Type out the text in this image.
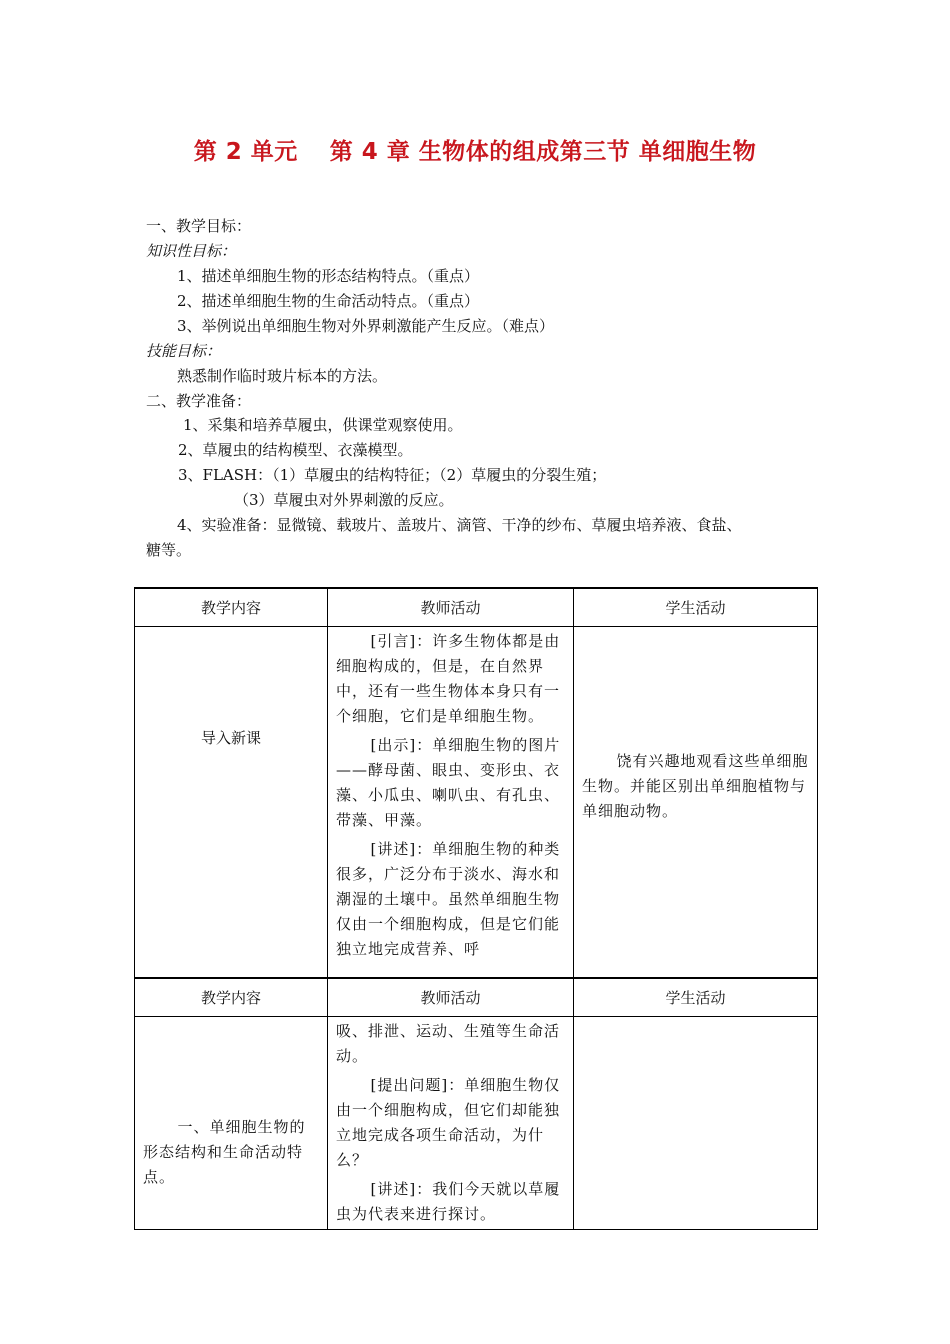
第 2 单元　 第 4 章 生物体的组成第三节 单细胞生物
一、教学目标：
知识性目标：
1、描述单细胞生物的形态结构特点。（重点）
2、描述单细胞生物的生命活动特点。（重点）
3、举例说出单细胞生物对外界刺激能产生反应。（难点）
技能目标：
熟悉制作临时玻片标本的方法。
二、教学准备：
1、采集和培养草履虫，供课堂观察使用。
2、草履虫的结构模型、衣藻模型。
3、FLASH：（1）草履虫的结构特征；（2）草履虫的分裂生殖；
（3）草履虫对外界刺激的反应。
4、实验准备：显微镜、载玻片、盖玻片、滴管、干净的纱布、草履虫培养液、食盐、
糖等。
教学内容	教师活动	学生活动

导入新课	[引言]：许多生物体都是由细胞构成的，但是，在自然界中，还有一些生物体本身只有一个细胞，它们是单细胞生物。
[出示]：单细胞生物的图片——酵母菌、眼虫、变形虫、衣藻、小瓜虫、喇叭虫、有孔虫、带藻、甲藻。
[讲述]：单细胞生物的种类很多，广泛分布于淡水、海水和潮湿的土壤中。虽然单细胞生物仅由一个细胞构成，但是它们能独立地完成营养、呼	饶有兴趣地观看这些单细胞生物。并能区别出单细胞植物与单细胞动物。

教学内容	教师活动	学生活动

一、单细胞生物的形态结构和生命活动特点。	吸、排泄、运动、生殖等生命活动。
[提出问题]：单细胞生物仅由一个细胞构成，但它们却能独立地完成各项生命活动，为什么？
[讲述]：我们今天就以草履虫为代表来进行探讨。	
